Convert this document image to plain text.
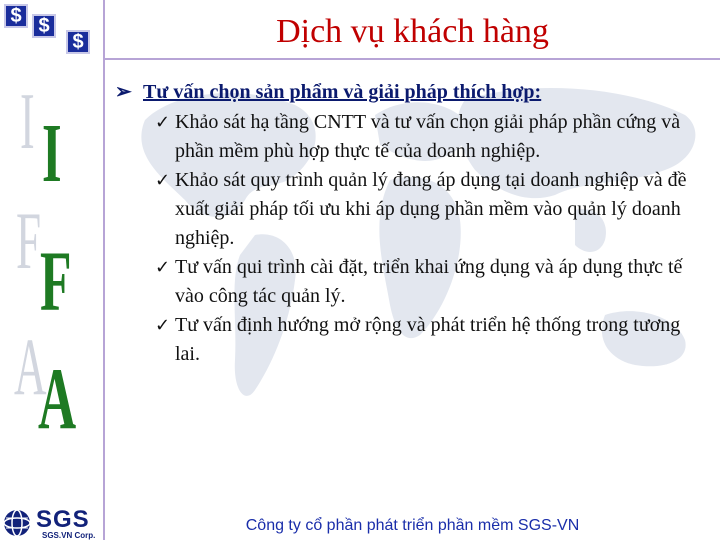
$ $
$
I I
F
F
A
A
Dịch vụ khách hàng
➢ Tư vấn chọn sản phẩm và giải pháp thích hợp:
✓ Khảo sát hạ tầng CNTT và tư vấn chọn giải pháp phần cứng và phần mềm phù hợp thực tế của doanh nghiệp.
✓ Khảo sát quy trình quản lý đang áp dụng tại doanh nghiệp và đề xuất giải pháp tối ưu khi áp dụng phần mềm vào quản lý doanh nghiệp.
✓ Tư vấn qui trình cài đặt, triển khai ứng dụng và áp dụng thực tế vào công tác quản lý.
✓ Tư vấn định hướng mở rộng và phát triển hệ thống trong tương lai.
SGS
SGS.VN Corp.
Công ty cổ phần phát triển phần mềm SGS-VN
